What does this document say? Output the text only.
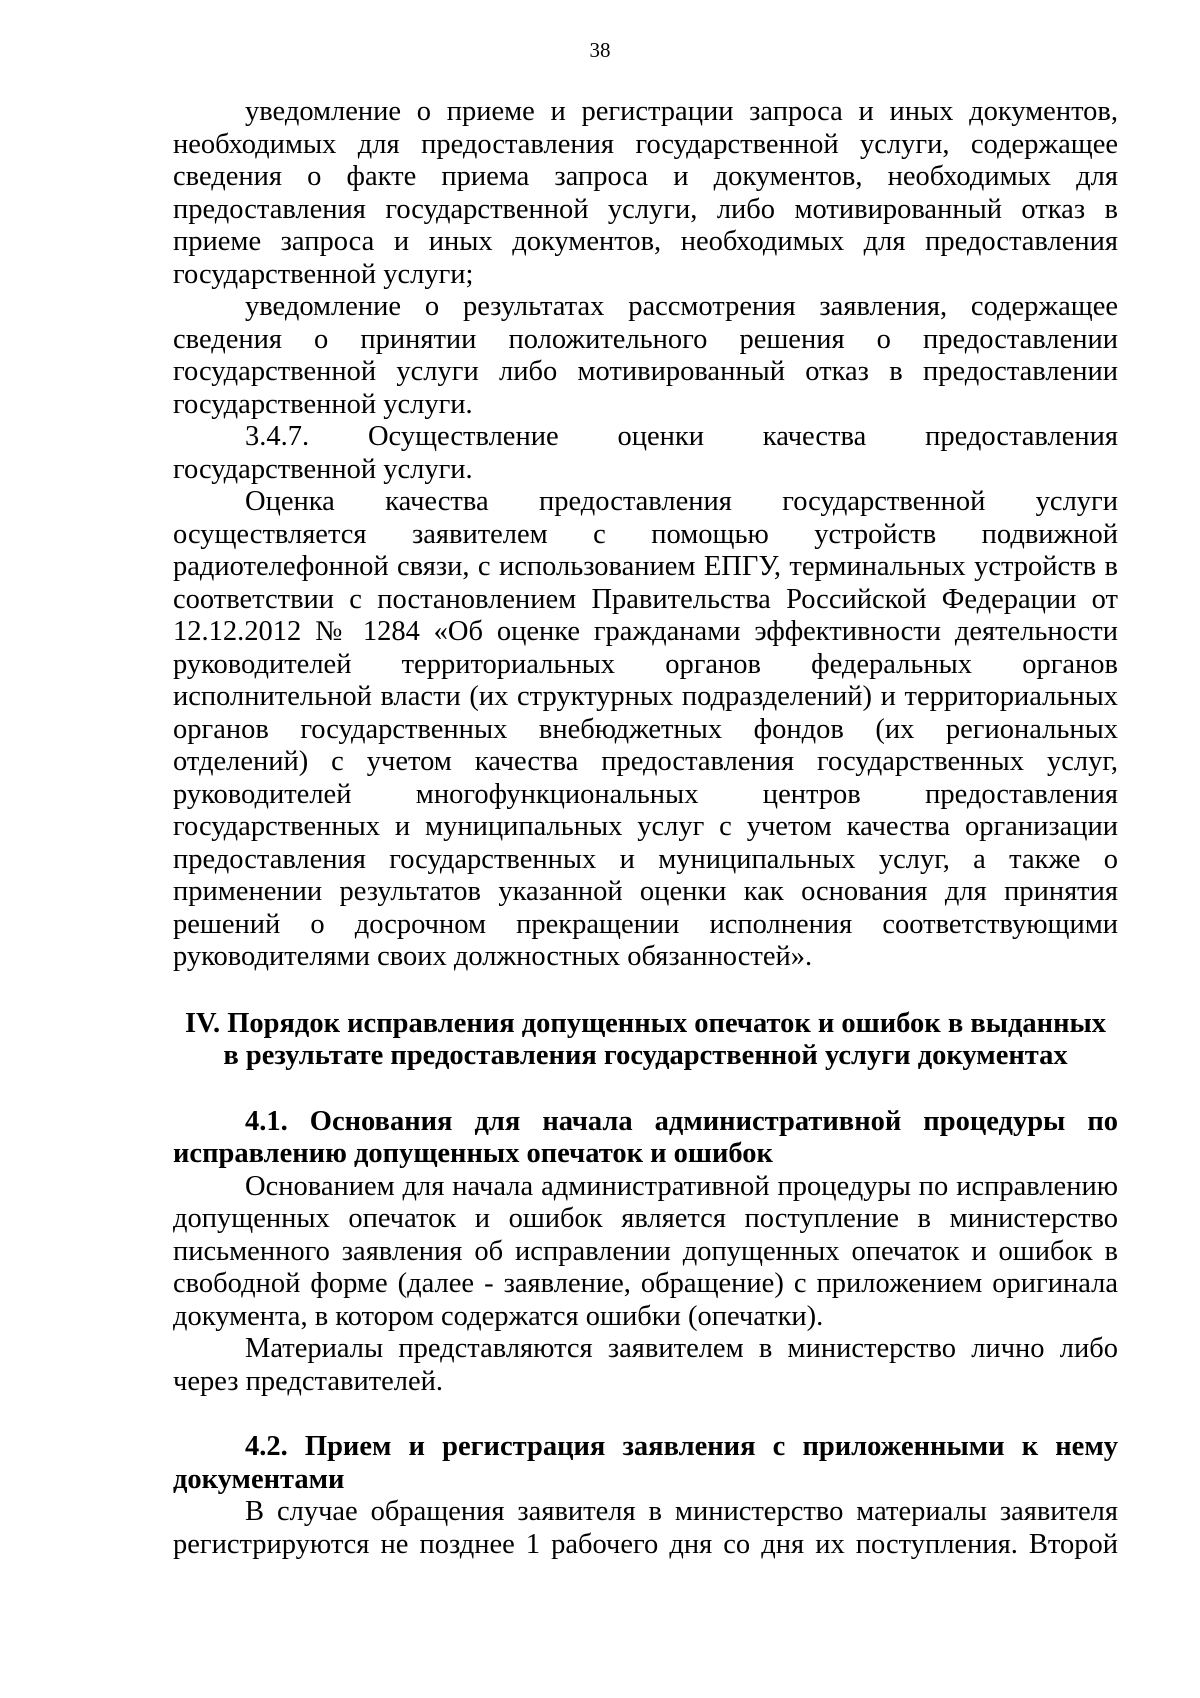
38

уведомление о приеме и регистрации запроса и иных документов, необходимых для предоставления государственной услуги, содержащее сведения о факте приема запроса и документов, необходимых для предоставления государственной услуги, либо мотивированный отказ в приеме запроса и иных документов, необходимых для предоставления государственной услуги;

уведомление о результатах рассмотрения заявления, содержащее сведения о принятии положительного решения о предоставлении государственной услуги либо мотивированный отказ в предоставлении государственной услуги.

3.4.7. Осуществление оценки качества предоставления государственной услуги.

Оценка качества предоставления государственной услуги осуществляется заявителем с помощью устройств подвижной радиотелефонной связи, с использованием ЕПГУ, терминальных устройств в соответствии с постановлением Правительства Российской Федерации от 12.12.2012 № 1284 «Об оценке гражданами эффективности деятельности руководителей территориальных органов федеральных органов исполнительной власти (их структурных подразделений) и территориальных органов государственных внебюджетных фондов (их региональных отделений) с учетом качества предоставления государственных услуг, руководителей многофункциональных центров предоставления государственных и муниципальных услуг с учетом качества организации предоставления государственных и муниципальных услуг, а также о применении результатов указанной оценки как основания для принятия решений о досрочном прекращении исполнения соответствующими руководителями своих должностных обязанностей».

IV. Порядок исправления допущенных опечаток и ошибок в выданных
в результате предоставления государственной услуги документах

4.1. Основания для начала административной процедуры по исправлению допущенных опечаток и ошибок

Основанием для начала административной процедуры по исправлению допущенных опечаток и ошибок является поступление в министерство письменного заявления об исправлении допущенных опечаток и ошибок в свободной форме (далее - заявление, обращение) с приложением оригинала документа, в котором содержатся ошибки (опечатки).

Материалы представляются заявителем в министерство лично либо через представителей.

4.2. Прием и регистрация заявления с приложенными к нему документами

В случае обращения заявителя в министерство материалы заявителя регистрируются не позднее 1 рабочего дня со дня их поступления. Второй
